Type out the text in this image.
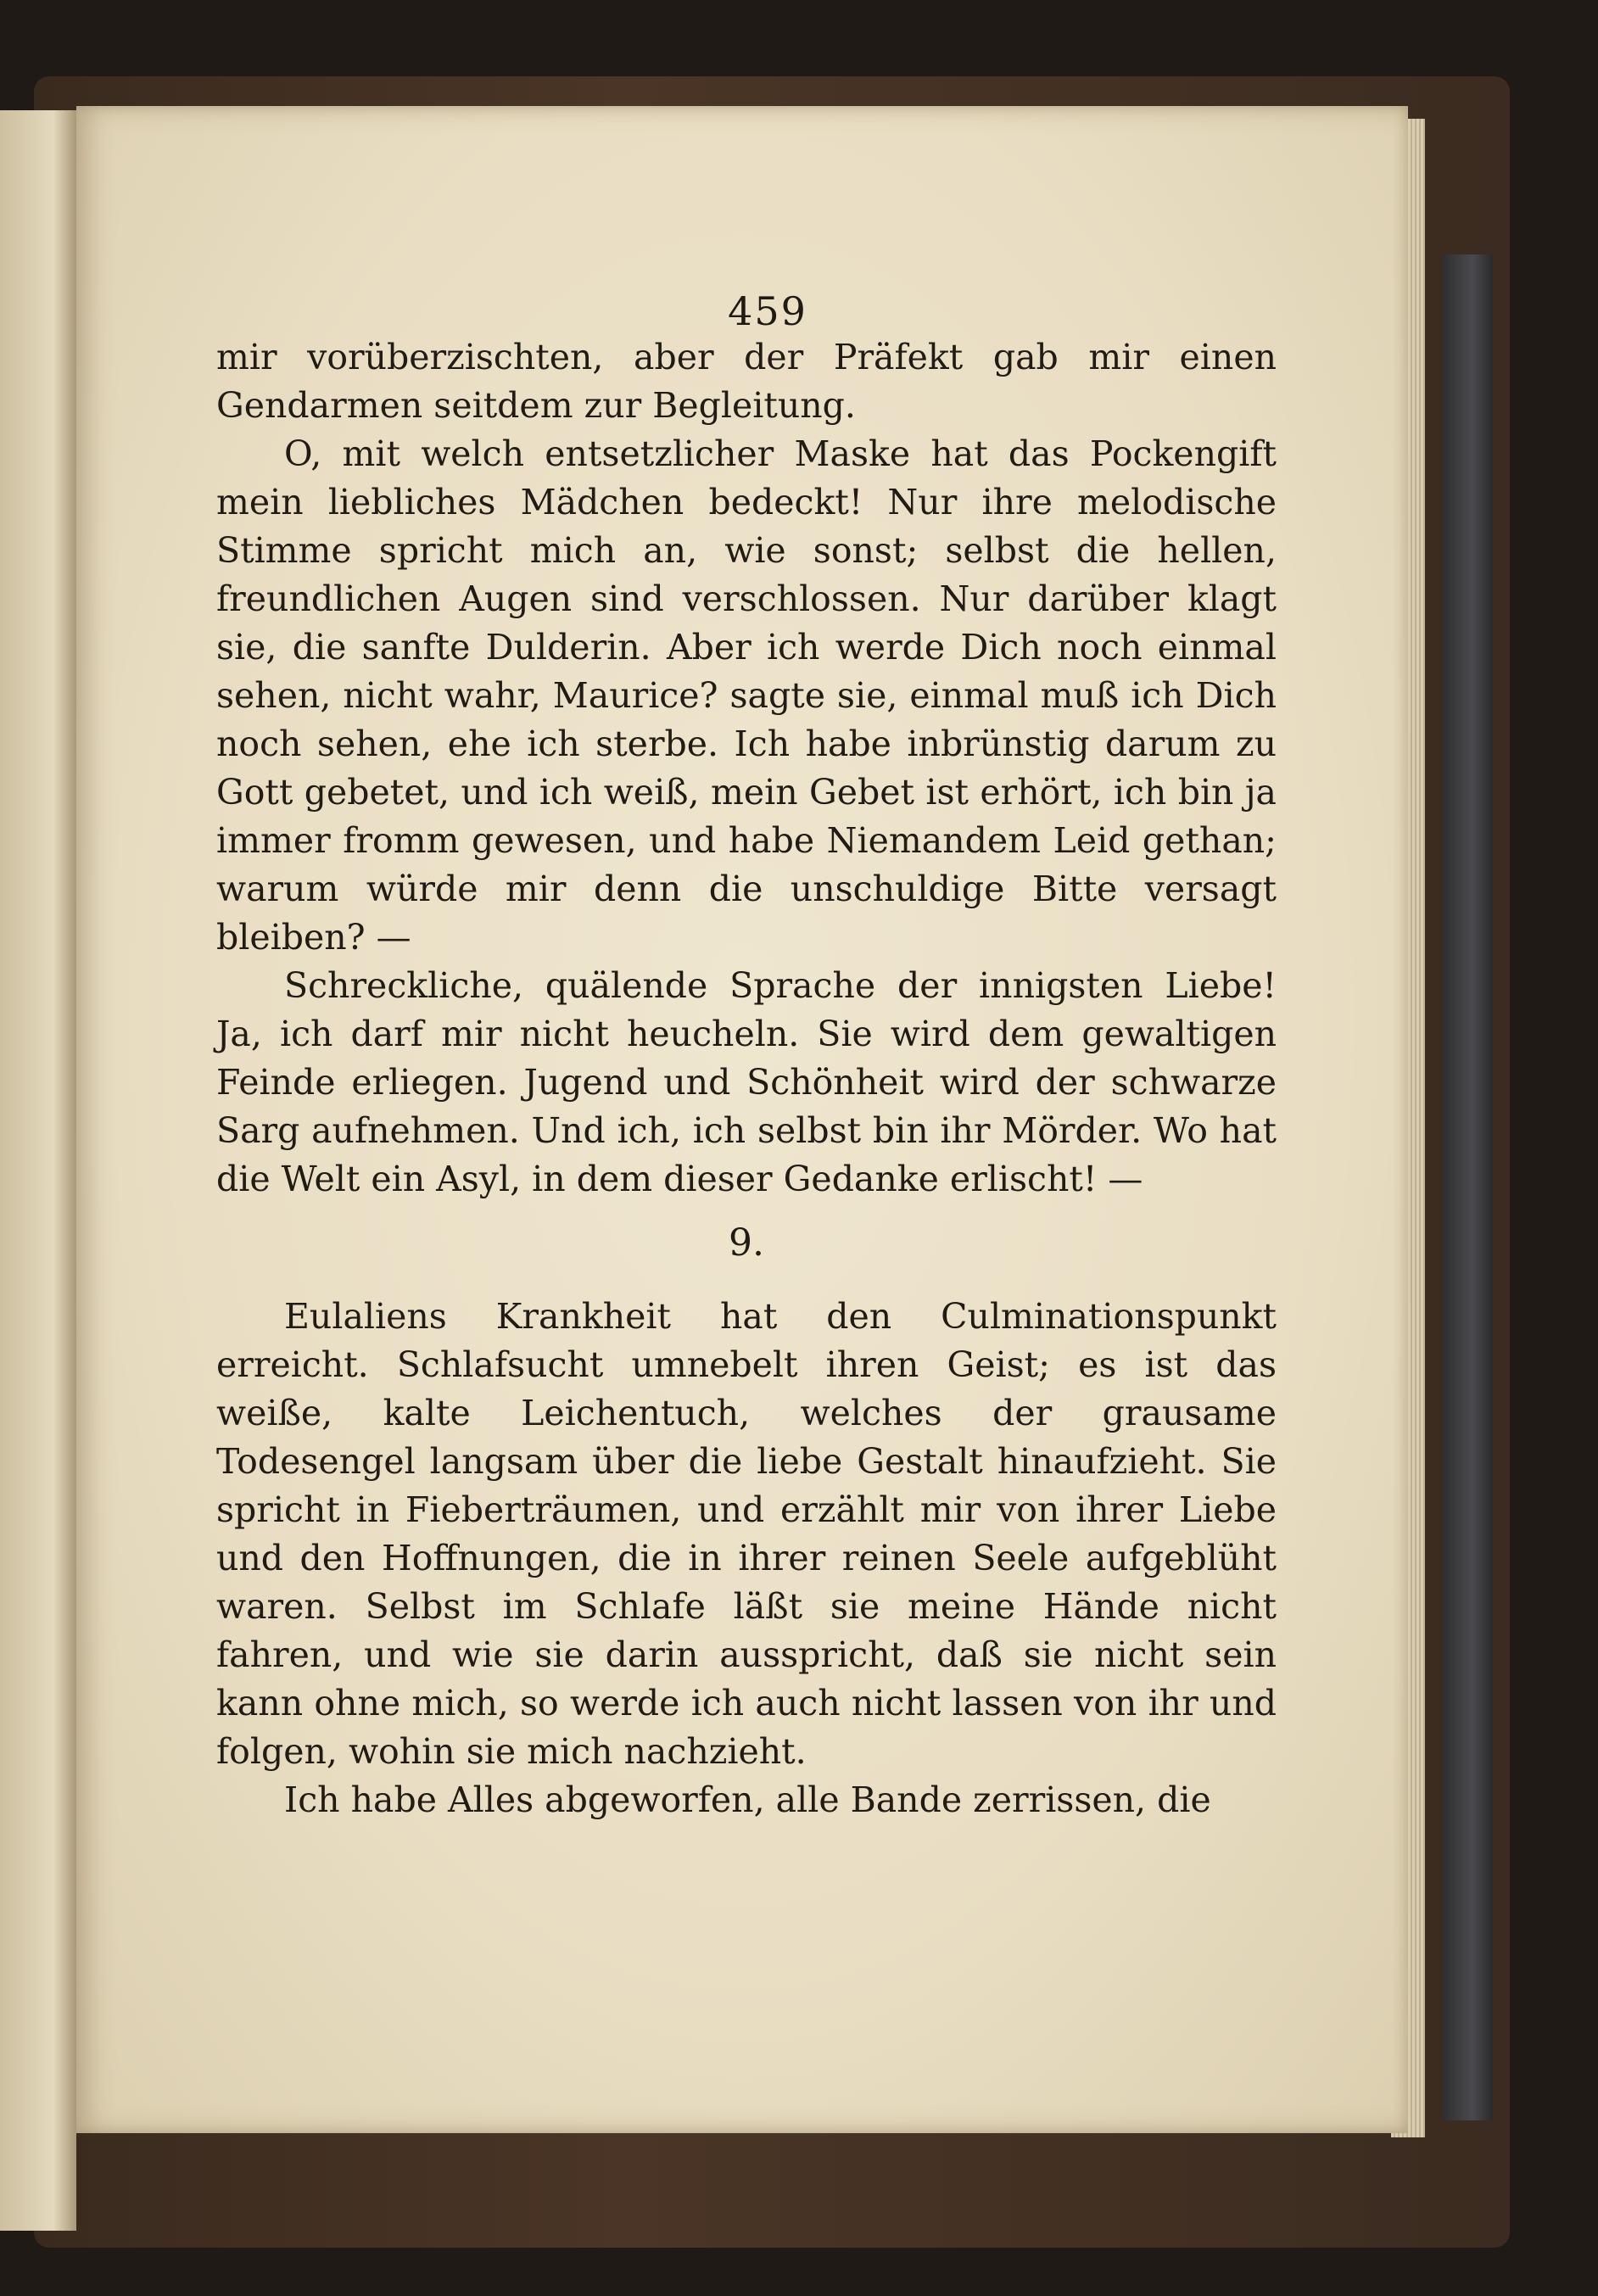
459

mir vorüberzischten, aber der Präfekt gab mir einen Gendarmen seitdem zur Begleitung.

O, mit welch entsetzlicher Maske hat das Pockengift mein liebliches Mädchen bedeckt! Nur ihre melodische Stimme spricht mich an, wie sonst; selbst die hellen, freundlichen Augen sind verschlossen. Nur darüber klagt sie, die sanfte Dulderin. Aber ich werde Dich noch einmal sehen, nicht wahr, Maurice? sagte sie, einmal muß ich Dich noch sehen, ehe ich sterbe. Ich habe inbrünstig darum zu Gott gebetet, und ich weiß, mein Gebet ist erhört, ich bin ja immer fromm gewesen, und habe Niemandem Leid gethan; warum würde mir denn die unschuldige Bitte versagt bleiben? —

Schreckliche, quälende Sprache der innigsten Liebe! Ja, ich darf mir nicht heucheln. Sie wird dem gewaltigen Feinde erliegen. Jugend und Schönheit wird der schwarze Sarg aufnehmen. Und ich, ich selbst bin ihr Mörder. Wo hat die Welt ein Asyl, in dem dieser Gedanke erlischt! —

9.

Eulaliens Krankheit hat den Culminationspunkt erreicht. Schlafsucht umnebelt ihren Geist; es ist das weiße, kalte Leichentuch, welches der grausame Todesengel langsam über die liebe Gestalt hinaufzieht. Sie spricht in Fieberträumen, und erzählt mir von ihrer Liebe und den Hoffnungen, die in ihrer reinen Seele aufgeblüht waren. Selbst im Schlafe läßt sie meine Hände nicht fahren, und wie sie darin ausspricht, daß sie nicht sein kann ohne mich, so werde ich auch nicht lassen von ihr und folgen, wohin sie mich nachzieht.

Ich habe Alles abgeworfen, alle Bande zerrissen, die
